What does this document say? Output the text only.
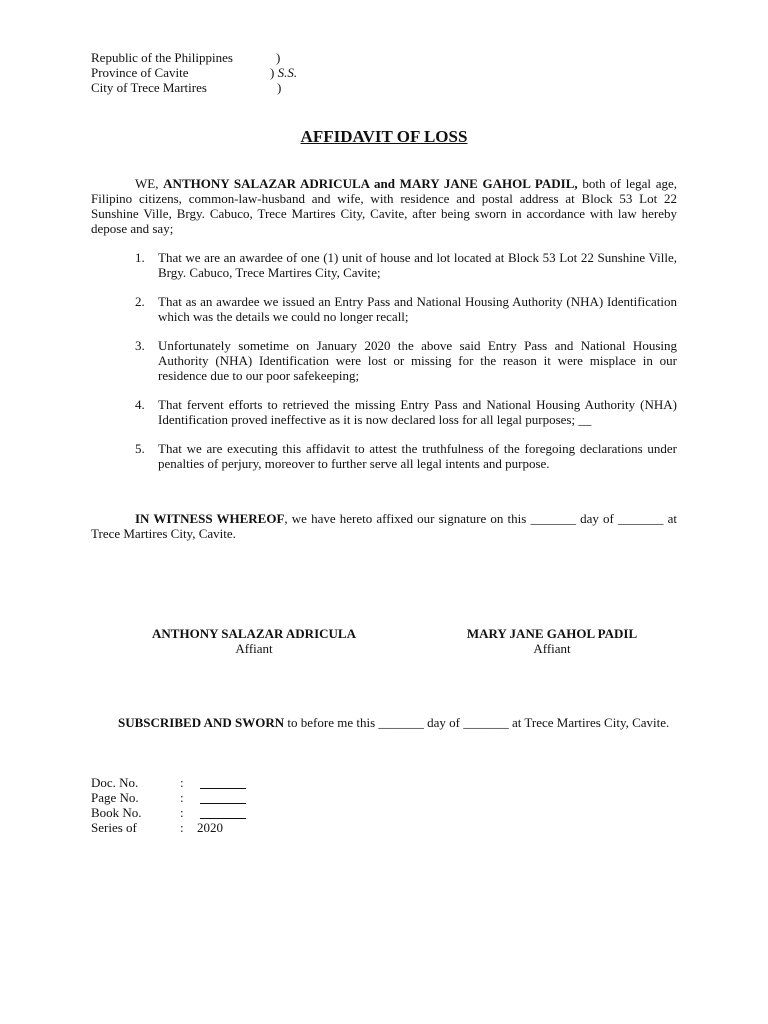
Republic of the Philippines	)
Province of Cavite	) S.S.
City of Trece Martires	)
AFFIDAVIT OF LOSS
WE, ANTHONY SALAZAR ADRICULA and MARY JANE GAHOL PADIL, both of legal age, Filipino citizens, common-law-husband and wife, with residence and postal address at Block 53 Lot 22 Sunshine Ville, Brgy. Cabuco, Trece Martires City, Cavite, after being sworn in accordance with law hereby depose and say;
1. That we are an awardee of one (1) unit of house and lot located at Block 53 Lot 22 Sunshine Ville, Brgy. Cabuco, Trece Martires City, Cavite;
2. That as an awardee we issued an Entry Pass and National Housing Authority (NHA) Identification which was the details we could no longer recall;
3. Unfortunately sometime on January 2020 the above said Entry Pass and National Housing Authority (NHA) Identification were lost or missing for the reason it were misplace in our residence due to our poor safekeeping;
4. That fervent efforts to retrieved the missing Entry Pass and National Housing Authority (NHA) Identification proved ineffective as it is now declared loss for all legal purposes; __
5. That we are executing this affidavit to attest the truthfulness of the foregoing declarations under penalties of perjury, moreover to further serve all legal intents and purpose.
IN WITNESS WHEREOF, we have hereto affixed our signature on this _______ day of _______ at Trece Martires City, Cavite.
ANTHONY SALAZAR ADRICULA
Affiant
MARY JANE GAHOL PADIL
Affiant
SUBSCRIBED AND SWORN to before me this _______ day of _______ at Trece Martires City, Cavite.
Doc. No.	:
Page No.	:
Book No.	:
Series of	: 2020
